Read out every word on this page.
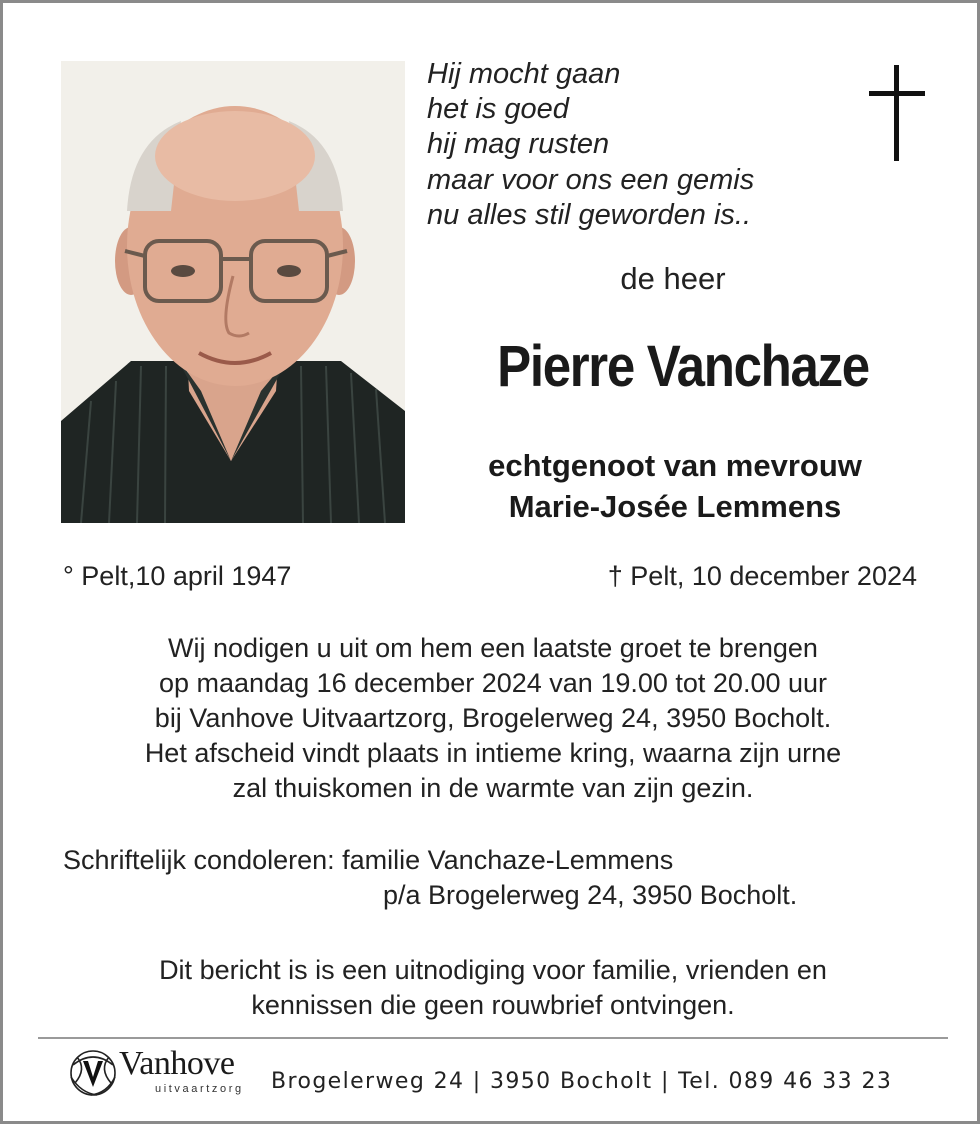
Hij mocht gaan
het is goed
hij mag rusten
maar voor ons een gemis
nu alles stil geworden is..
de heer
Pierre Vanchaze
echtgenoot van mevrouw
Marie-Josée Lemmens
° Pelt,10 april 1947	† Pelt, 10 december 2024
Wij nodigen u uit om hem een laatste groet te brengen
op maandag 16 december 2024 van 19.00 tot 20.00 uur
bij Vanhove Uitvaartzorg, Brogelerweg 24, 3950 Bocholt.
Het afscheid vindt plaats in intieme kring, waarna zijn urne
zal thuiskomen in de warmte van zijn gezin.
Schriftelijk condoleren: familie Vanchaze-Lemmens
p/a Brogelerweg 24, 3950 Bocholt.
Dit bericht is is een uitnodiging voor familie, vrienden en
kennissen die geen rouwbrief ontvingen.
Vanhove
uitvaartzorg Brogelerweg 24 | 3950 Bocholt | Tel. 089 46 33 23
